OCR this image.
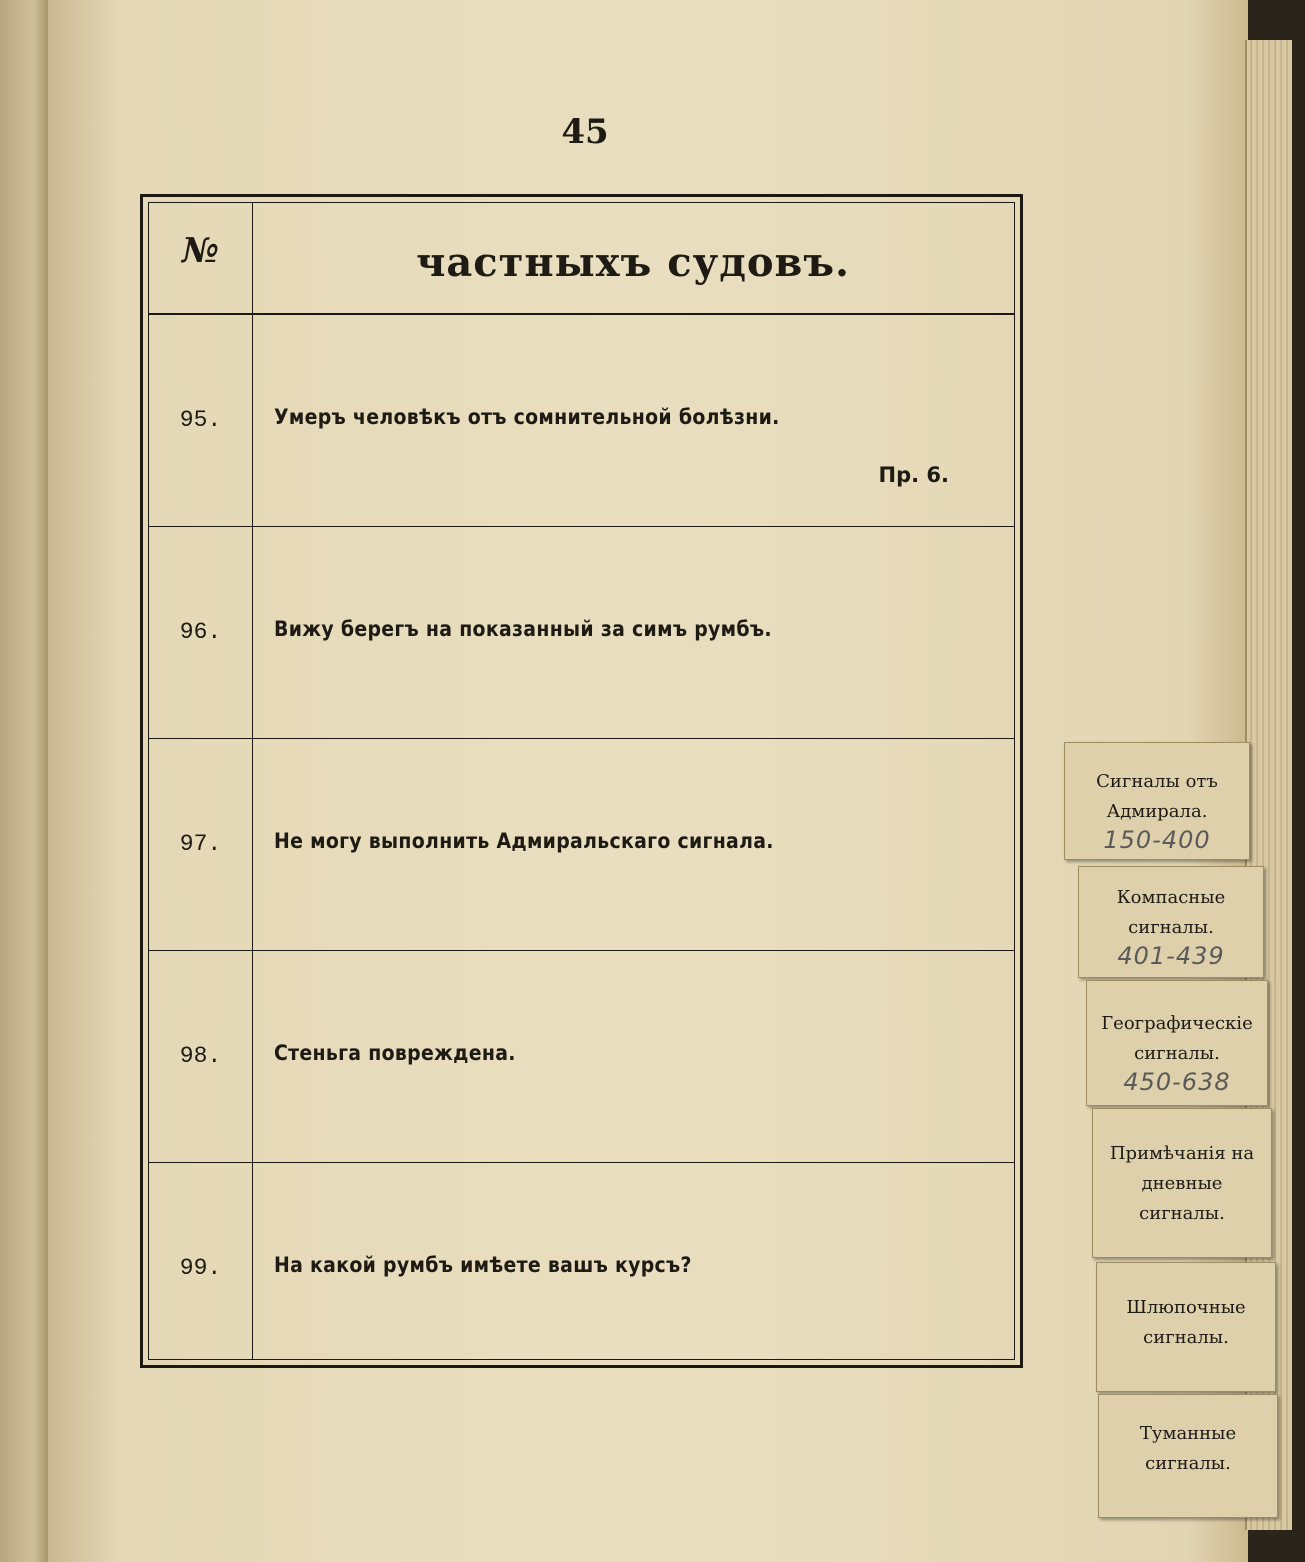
45
№	частныхъ судовъ.
95.	Умеръ человѣкъ отъ сомнительной болѣзни.
Пр. 6.
96.	Вижу берегъ на показанный за симъ румбъ.
97.	Не могу выполнить Адмиральскаго сигнала.
98.	Стеньга повреждена.
99.	На какой румбъ имѣете вашъ курсъ?
Сигналы отъ
Адмирала.
150-400
Компасные
сигналы.
401-439
Географическіе
сигналы.
450-638
Примѣчанія на
дневные
сигналы.
Шлюпочные
сигналы.
Туманные
сигналы.
